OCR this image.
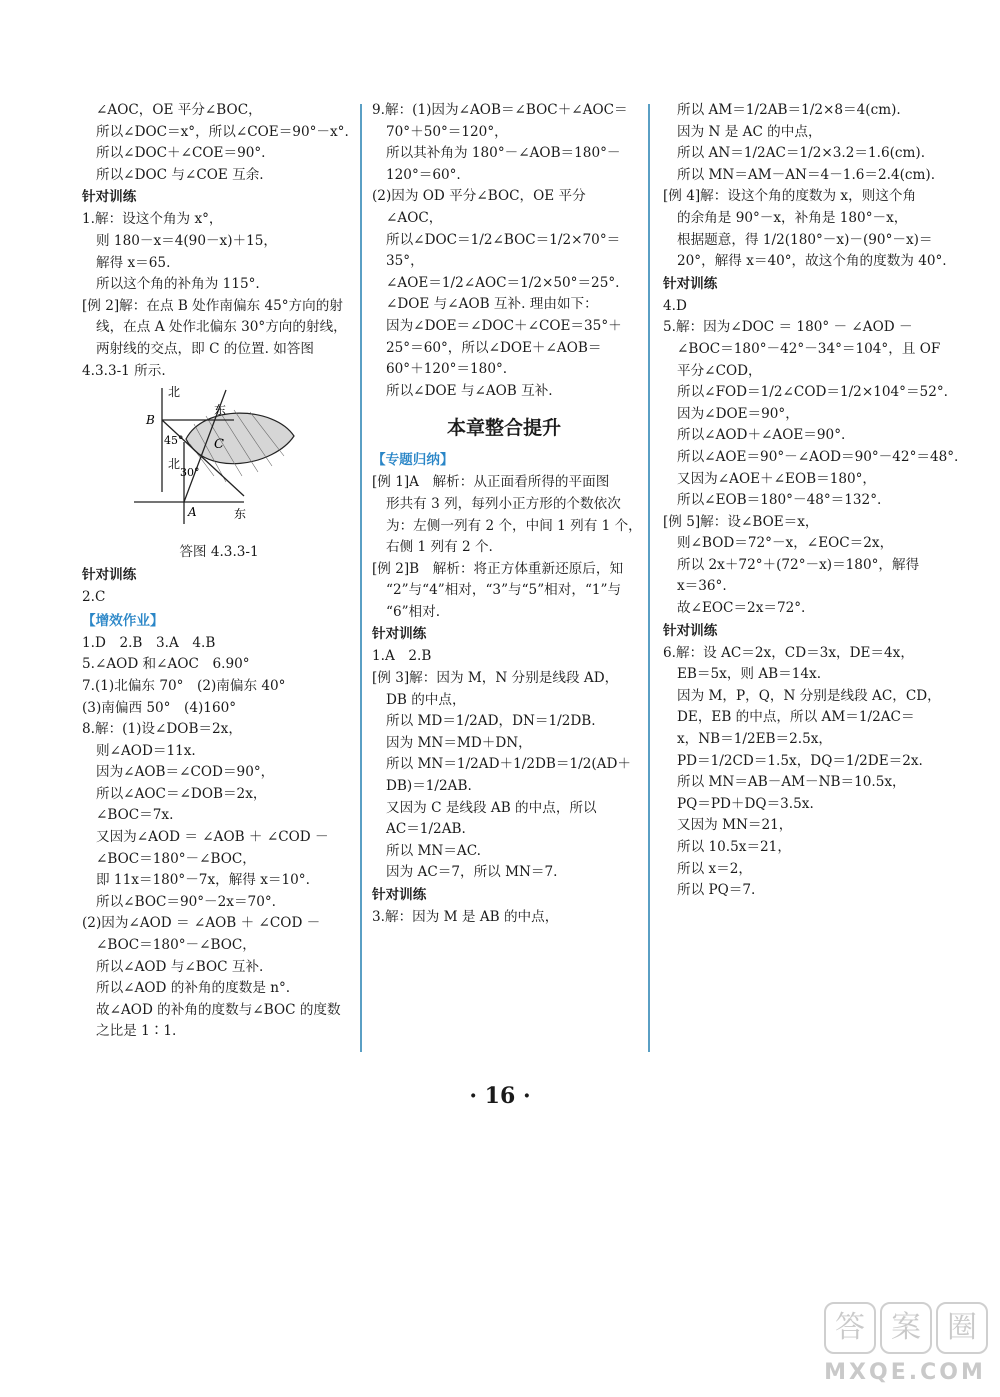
∠AOC，OE 平分∠BOC，
所以∠DOC＝x°，所以∠COE＝90°－x°.
所以∠DOC＋∠COE＝90°.
所以∠DOC 与∠COE 互余.
针对训练
1.解：设这个角为 x°，
则 180－x＝4(90－x)＋15，
解得 x＝65.
所以这个角的补角为 115°.
[例 2]解：在点 B 处作南偏东 45°方向的射
线，在点 A 处作北偏东 30°方向的射线，
两射线的交点，即 C 的位置. 如答图
4.3.3-1 所示.
北
东
B
45° C
30°
北
A	东
答图 4.3.3-1
针对训练
2.C
【增效作业】
1.D　2.B　3.A　4.B
5.∠AOD 和∠AOC　6.90°
7.(1)北偏东 70°　(2)南偏东 40°
(3)南偏西 50°　(4)160°
8.解：(1)设∠DOB＝2x，
则∠AOD＝11x.
因为∠AOB＝∠COD＝90°，
所以∠AOC＝∠DOB＝2x，
∠BOC＝7x.
又因为∠AOD ＝ ∠AOB ＋ ∠COD －
∠BOC＝180°－∠BOC，
即 11x＝180°－7x，解得 x＝10°.
所以∠BOC＝90°－2x＝70°.
(2)因为∠AOD ＝ ∠AOB ＋ ∠COD －
∠BOC＝180°－∠BOC，
所以∠AOD 与∠BOC 互补.
所以∠AOD 的补角的度数是 n°.
故∠AOD 的补角的度数与∠BOC 的度数
之比是 1∶1.
9.解：(1)因为∠AOB＝∠BOC＋∠AOC＝
70°＋50°＝120°，
所以其补角为 180°－∠AOB＝180°－
120°＝60°.
(2)因为 OD 平分∠BOC，OE 平分
∠AOC，
所以∠DOC＝1/2∠BOC＝1/2×70°＝
35°，
∠AOE＝1/2∠AOC＝1/2×50°＝25°.
∠DOE 与∠AOB 互补. 理由如下：
因为∠DOE＝∠DOC＋∠COE＝35°＋
25°＝60°，所以∠DOE＋∠AOB＝
60°＋120°＝180°.
所以∠DOE 与∠AOB 互补.
本章整合提升
【专题归纳】
[例 1]A　解析：从正面看所得的平面图
形共有 3 列，每列小正方形的个数依次
为：左侧一列有 2 个，中间 1 列有 1 个，
右侧 1 列有 2 个.
[例 2]B　解析：将正方体重新还原后，知
“2”与“4”相对，“3”与“5”相对，“1”与
“6”相对.
针对训练
1.A　2.B
[例 3]解：因为 M，N 分别是线段 AD，
DB 的中点，
所以 MD＝1/2AD，DN＝1/2DB.
因为 MN＝MD＋DN，
所以 MN＝1/2AD＋1/2DB＝1/2(AD＋
DB)＝1/2AB.
又因为 C 是线段 AB 的中点，所以
AC＝1/2AB.
所以 MN＝AC.
因为 AC＝7，所以 MN＝7.
针对训练
3.解：因为 M 是 AB 的中点，
所以 AM＝1/2AB＝1/2×8＝4(cm).
因为 N 是 AC 的中点，
所以 AN＝1/2AC＝1/2×3.2＝1.6(cm).
所以 MN＝AM－AN＝4－1.6＝2.4(cm).
[例 4]解：设这个角的度数为 x，则这个角
的余角是 90°－x，补角是 180°－x，
根据题意，得 1/2(180°－x)－(90°－x)＝
20°，解得 x＝40°，故这个角的度数为 40°.
针对训练
4.D
5.解：因为∠DOC ＝ 180° － ∠AOD －
∠BOC＝180°－42°－34°＝104°，且 OF
平分∠COD，
所以∠FOD＝1/2∠COD＝1/2×104°＝52°.
因为∠DOE＝90°，
所以∠AOD＋∠AOE＝90°.
所以∠AOE＝90°－∠AOD＝90°－42°＝48°.
又因为∠AOE＋∠EOB＝180°，
所以∠EOB＝180°－48°＝132°.
[例 5]解：设∠BOE＝x，
则∠BOD＝72°－x，∠EOC＝2x，
所以 2x＋72°＋(72°－x)＝180°，解得
x＝36°.
故∠EOC＝2x＝72°.
针对训练
6.解：设 AC＝2x，CD＝3x，DE＝4x，
EB＝5x，则 AB＝14x.
因为 M，P，Q，N 分别是线段 AC，CD，
DE，EB 的中点，所以 AM＝1/2AC＝
x，NB＝1/2EB＝2.5x，
PD＝1/2CD＝1.5x，DQ＝1/2DE＝2x.
所以 MN＝AB－AM－NB＝10.5x，
PQ＝PD＋DQ＝3.5x.
又因为 MN＝21，
所以 10.5x＝21，
所以 x＝2，
所以 PQ＝7.
· 16 ·
答 案 圈
MXQE.COM
